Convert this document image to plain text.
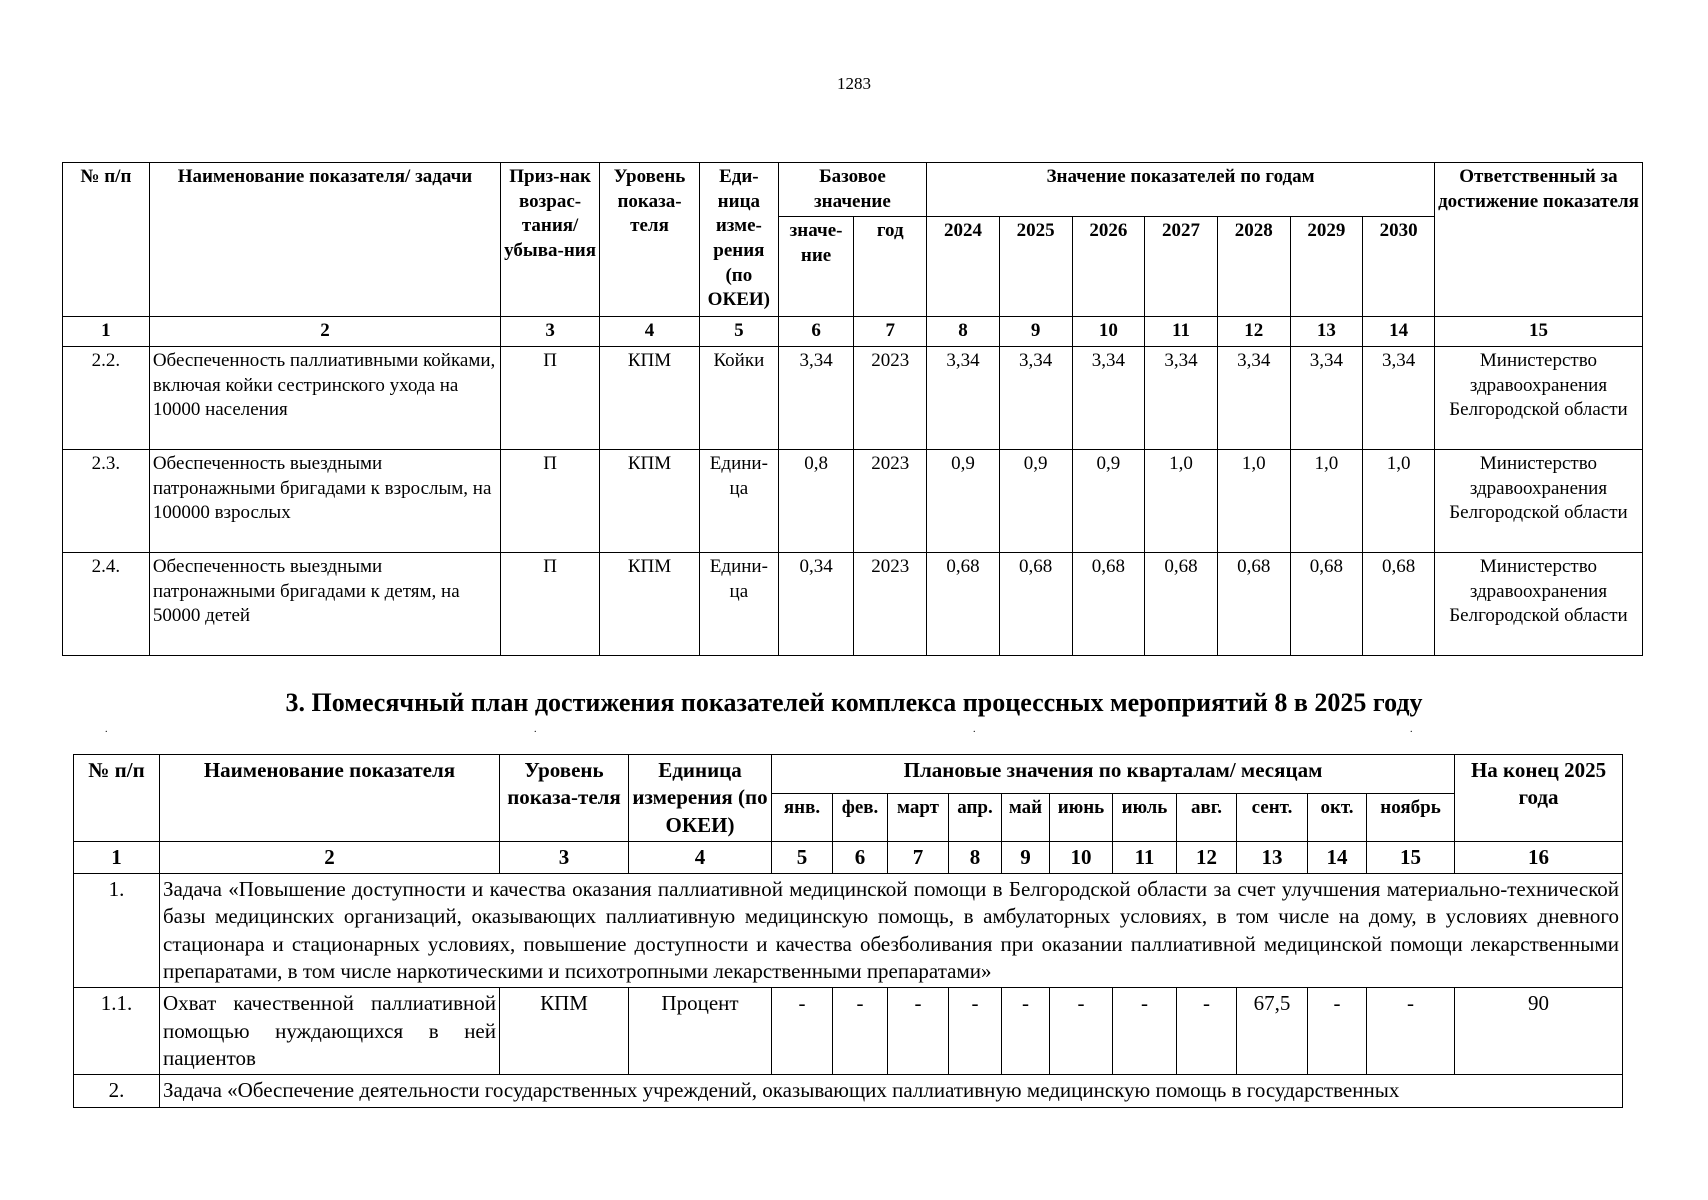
1283
№ п/п	Наименование показателя/ задачи	Приз-нак возрас-тания/ убыва-ния	Уровень показа-теля	Еди-ница изме-рения (по ОКЕИ)	Базовое значение		Значение показателей по годам							Ответственный за достижение показателя
					значе-ние	год	2024	2025	2026	2027	2028	2029	2030	
1	2	3	4	5	6	7	8	9	10	11	12	13	14	15
2.2.	Обеспеченность паллиативными койками, включая койки сестринского ухода на 10000 населения	П	КПМ	Койки	3,34	2023	3,34	3,34	3,34	3,34	3,34	3,34	3,34	Министерство здравоохранения Белгородской области
2.3.	Обеспеченность выездными патронажными бригадами к взрослым, на 100000 взрослых	П	КПМ	Едини-ца	0,8	2023	0,9	0,9	0,9	1,0	1,0	1,0	1,0	Министерство здравоохранения Белгородской области
2.4.	Обеспеченность выездными патронажными бригадами к детям, на 50000 детей	П	КПМ	Едини-ца	0,34	2023	0,68	0,68	0,68	0,68	0,68	0,68	0,68	Министерство здравоохранения Белгородской области
3. Помесячный план достижения показателей комплекса процессных мероприятий 8 в 2025 году
.	.	.	.
№ п/п	Наименование показателя	Уровень показа-теля	Единица измерения (по ОКЕИ)	Плановые значения по кварталам/ месяцам											На конец 2025 года
				янв.	фев.	март	апр.	май	июнь	июль	авг.	сент.	окт.	ноябрь	
1	2	3	4	5	6	7	8	9	10	11	12	13	14	15	16
1.	Задача «Повышение доступности и качества оказания паллиативной медицинской помощи в Белгородской области за счет улучшения материально-технической базы медицинских организаций, оказывающих паллиативную медицинскую помощь, в амбулаторных условиях, в том числе на дому, в условиях дневного стационара и стационарных условиях, повышение доступности и качества обезболивания при оказании паллиативной медицинской помощи лекарственными препаратами, в том числе наркотическими и психотропными лекарственными препаратами»														
1.1.	Охват качественной паллиативной помощью нуждающихся в ней пациентов	КПМ	Процент	-	-	-	-	-	-	-	-	67,5	-	-	90
2.	Задача «Обеспечение деятельности государственных учреждений, оказывающих паллиативную медицинскую помощь в государственных														
